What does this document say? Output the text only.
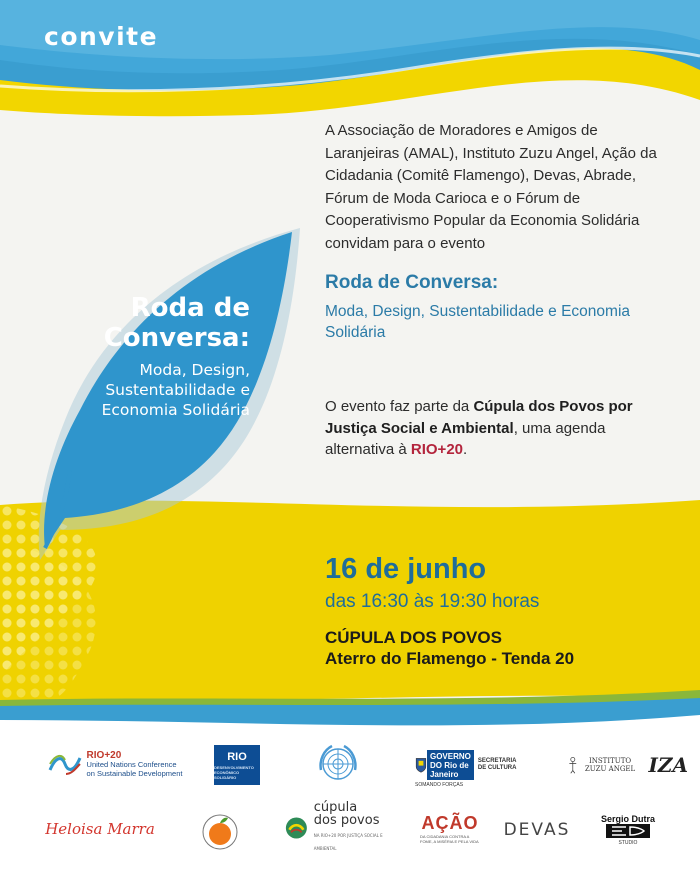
convite
A Associação de Moradores e Amigos de Laranjeiras (AMAL), Instituto Zuzu Angel, Ação da Cidadania (Comitê Flamengo), Devas, Abrade, Fórum de Moda Carioca e o Fórum de Cooperativismo Popular da Economia Solidária convidam para o evento
Roda de Conversa:
Moda, Design, Sustentabilidade e Economia Solidária
O evento faz parte da Cúpula dos Povos por Justiça Social e Ambiental, uma agenda alternativa à RIO+20.
Roda de
Conversa:
Moda, Design,
Sustentabilidade e
Economia Solidária
16 de junho
das 16:30 às 19:30 horas
CÚPULA DOS POVOS
Aterro do Flamengo - Tenda 20
RIO+20
United Nations Conference
on Sustainable Development
RIO
DESENVOLVIMENTO ECONÔMICO SOLIDÁRIO
GOVERNO DO Rio de Janeiro
SECRETARIA DE CULTURA
SOMANDO FORÇAS
INSTITUTO ZUZU ANGEL IZA
Heloisa Marra
cúpula
dos povos
NA RIO+20 POR JUSTIÇA SOCIAL E AMBIENTAL
AÇÃO
DA CIDADANIA CONTRA A FOME, A MISÉRIA E PELA VIDA
DEVAS
Sergio Dutra
STUDIO
